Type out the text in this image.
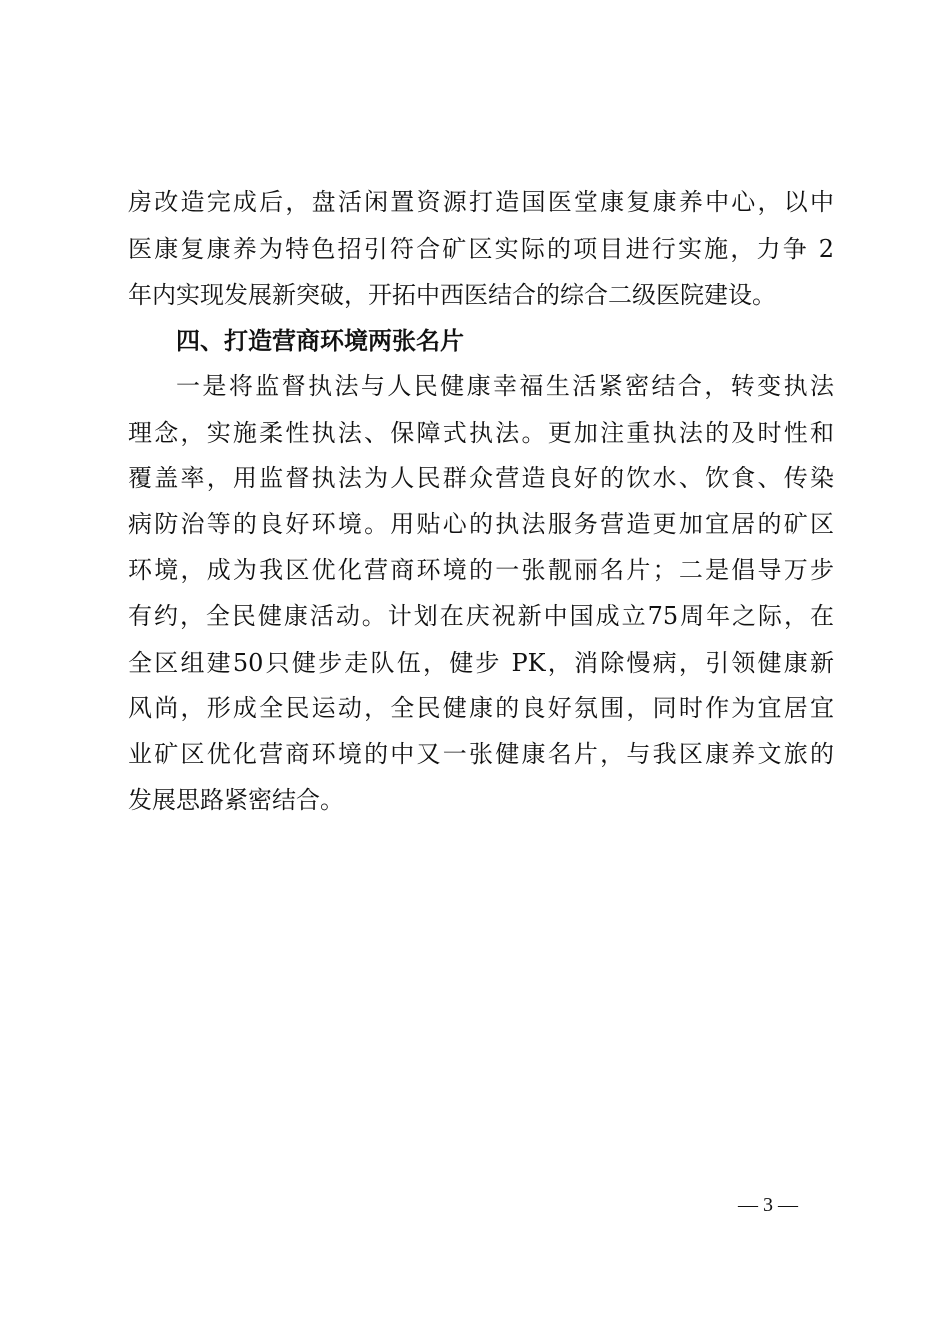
房改造完成后，盘活闲置资源打造国医堂康复康养中心，以中
医康复康养为特色招引符合矿区实际的项目进行实施，力争 2
年内实现发展新突破，开拓中西医结合的综合二级医院建设。
四、打造营商环境两张名片
一是将监督执法与人民健康幸福生活紧密结合，转变执法
理念，实施柔性执法、保障式执法。更加注重执法的及时性和
覆盖率，用监督执法为人民群众营造良好的饮水、饮食、传染
病防治等的良好环境。用贴心的执法服务营造更加宜居的矿区
环境，成为我区优化营商环境的一张靓丽名片；二是倡导万步
有约，全民健康活动。计划在庆祝新中国成立75周年之际，在
全区组建50只健步走队伍，健步 PK，消除慢病，引领健康新
风尚，形成全民运动，全民健康的良好氛围，同时作为宜居宜
业矿区优化营商环境的中又一张健康名片，与我区康养文旅的
发展思路紧密结合。
— 3 —
